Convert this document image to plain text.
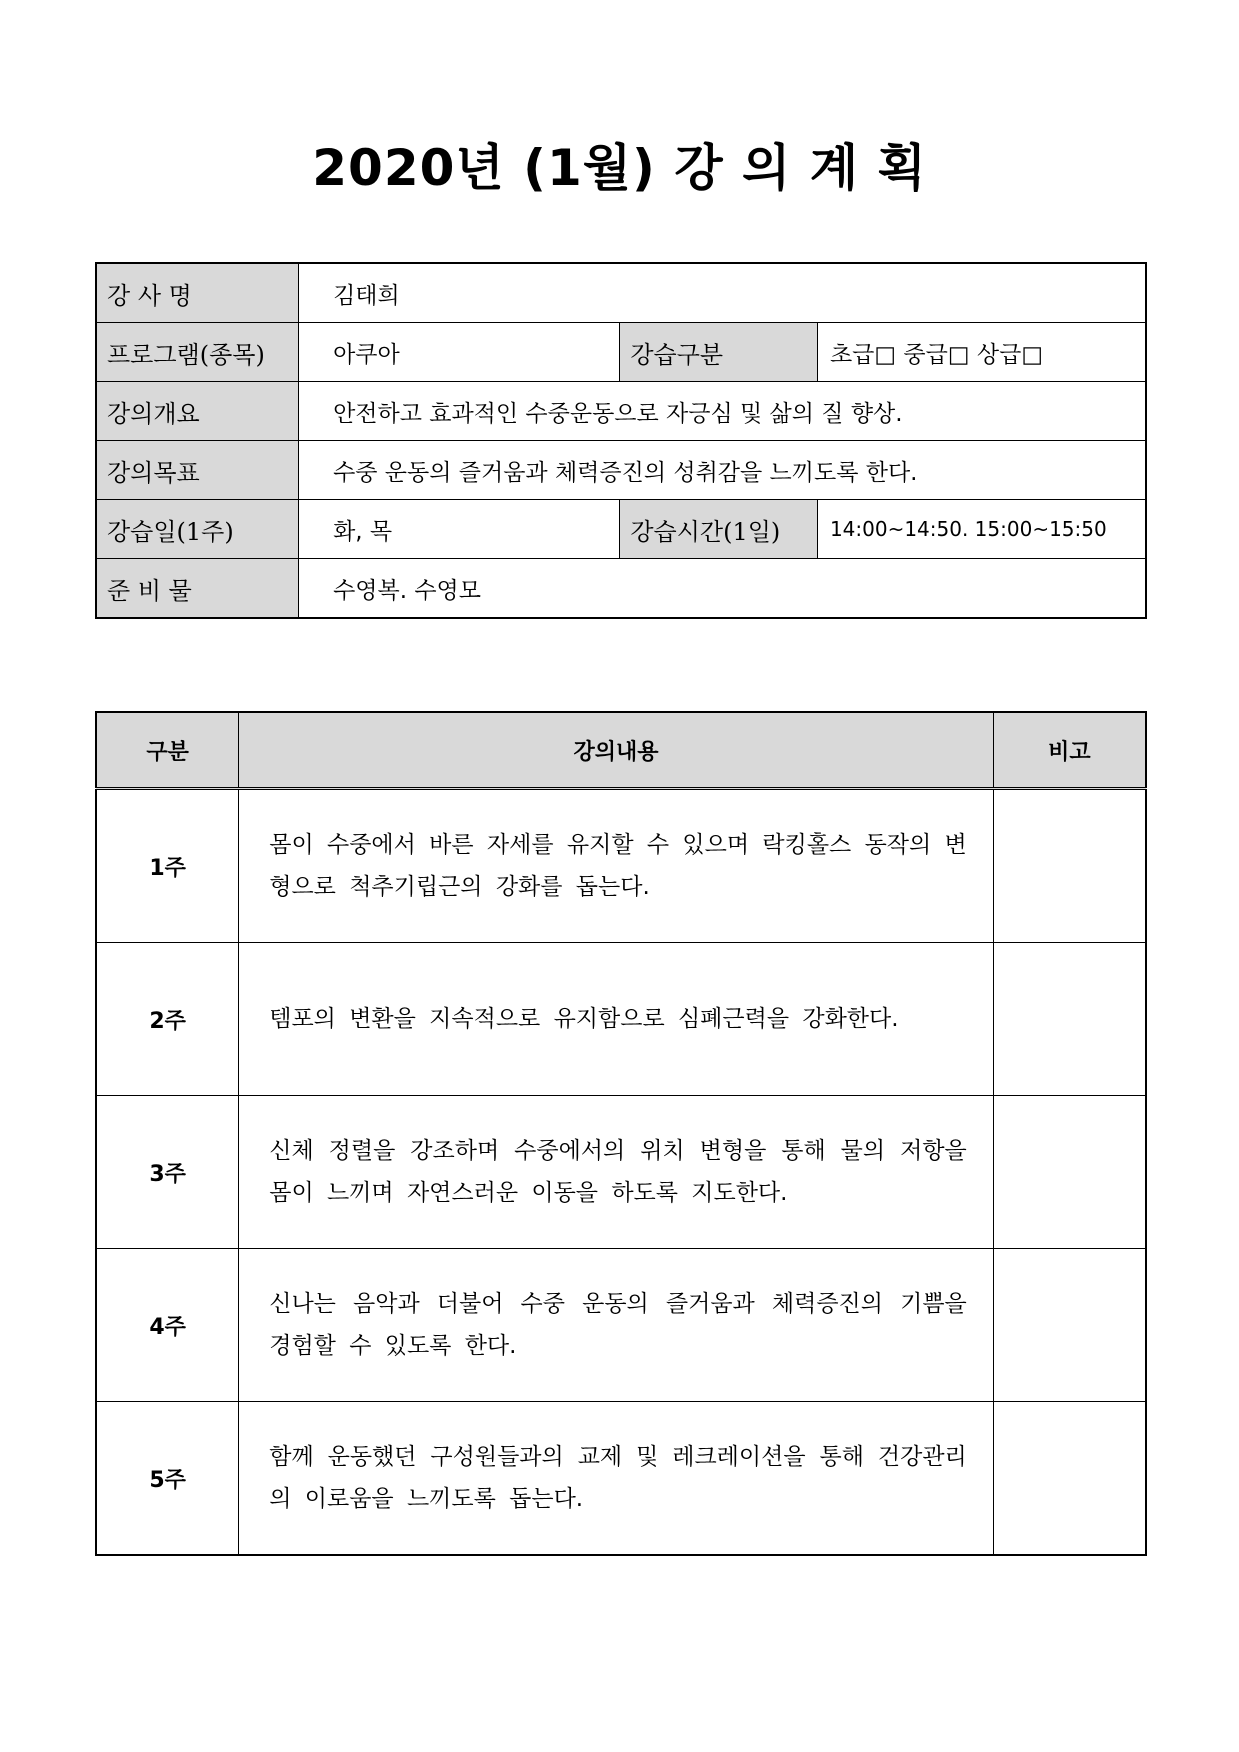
2020년 (1월) 강 의 계 획
강 사 명	김태희		
프로그램(종목)	아쿠아	강습구분	초급□ 중급□ 상급□
강의개요	안전하고 효과적인 수중운동으로 자긍심 및 삶의 질 향상.		
강의목표	수중 운동의 즐거움과 체력증진의 성취감을 느끼도록 한다.		
강습일(1주)	화, 목	강습시간(1일)	14:00~14:50. 15:00~15:50
준 비 물	수영복. 수영모		
구분	강의내용	비고
1주	몸이 수중에서 바른 자세를 유지할 수 있으며 락킹홀스 동작의 변형으로 척추기립근의 강화를 돕는다.	
2주	템포의 변환을 지속적으로 유지함으로 심폐근력을 강화한다.	
3주	신체 정렬을 강조하며 수중에서의 위치 변형을 통해 물의 저항을 몸이 느끼며 자연스러운 이동을 하도록 지도한다.	
4주	신나는 음악과 더불어 수중 운동의 즐거움과 체력증진의 기쁨을 경험할 수 있도록 한다.	
5주	함께 운동했던 구성원들과의 교제 및 레크레이션을 통해 건강관리의 이로움을 느끼도록 돕는다.	
